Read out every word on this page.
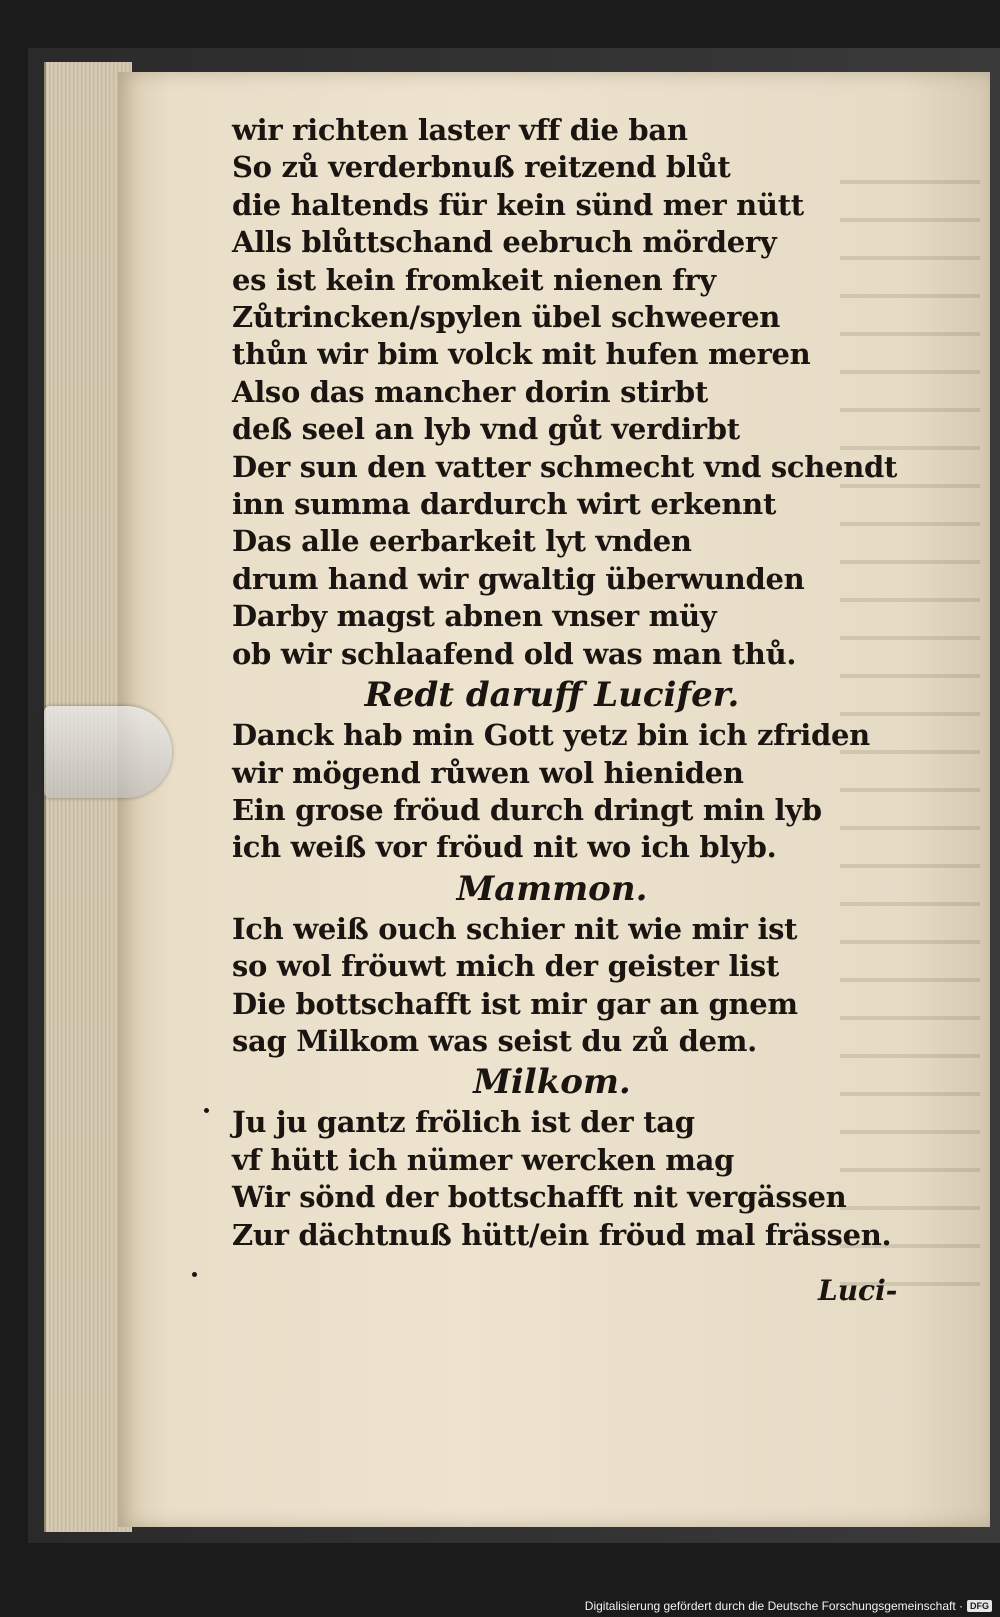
wir richten laster vff die ban
So zů verderbnuß reitzend blůt
die haltends für kein sünd mer nütt
Alls blůttschand eebruch mördery
es ist kein fromkeit nienen fry
Zůtrincken/spylen übel schweeren
thůn wir bim volck mit hufen meren
Also das mancher dorin stirbt
deß seel an lyb vnd gůt verdirbt
Der sun den vatter schmecht vnd schendt
inn summa dardurch wirt erkennt
Das alle eerbarkeit lyt vnden
drum hand wir gwaltig überwunden
Darby magst abnen vnser müy
ob wir schlaafend old was man thů.
Redt daruff Lucifer.
Danck hab min Gott yetz bin ich zfriden
wir mögend růwen wol hieniden
Ein grose fröud durch dringt min lyb
ich weiß vor fröud nit wo ich blyb.
Mammon.
Ich weiß ouch schier nit wie mir ist
so wol fröuwt mich der geister list
Die bottschafft ist mir gar an gnem
sag Milkom was seist du zů dem.
Milkom.
Ju ju gantz frölich ist der tag
vf hütt ich nümer wercken mag
Wir sönd der bottschafft nit vergässen
Zur dächtnuß hütt/ein fröud mal frässen.
Luci-
Digitalisierung gefördert durch die Deutsche Forschungsgemeinschaft · DFG
